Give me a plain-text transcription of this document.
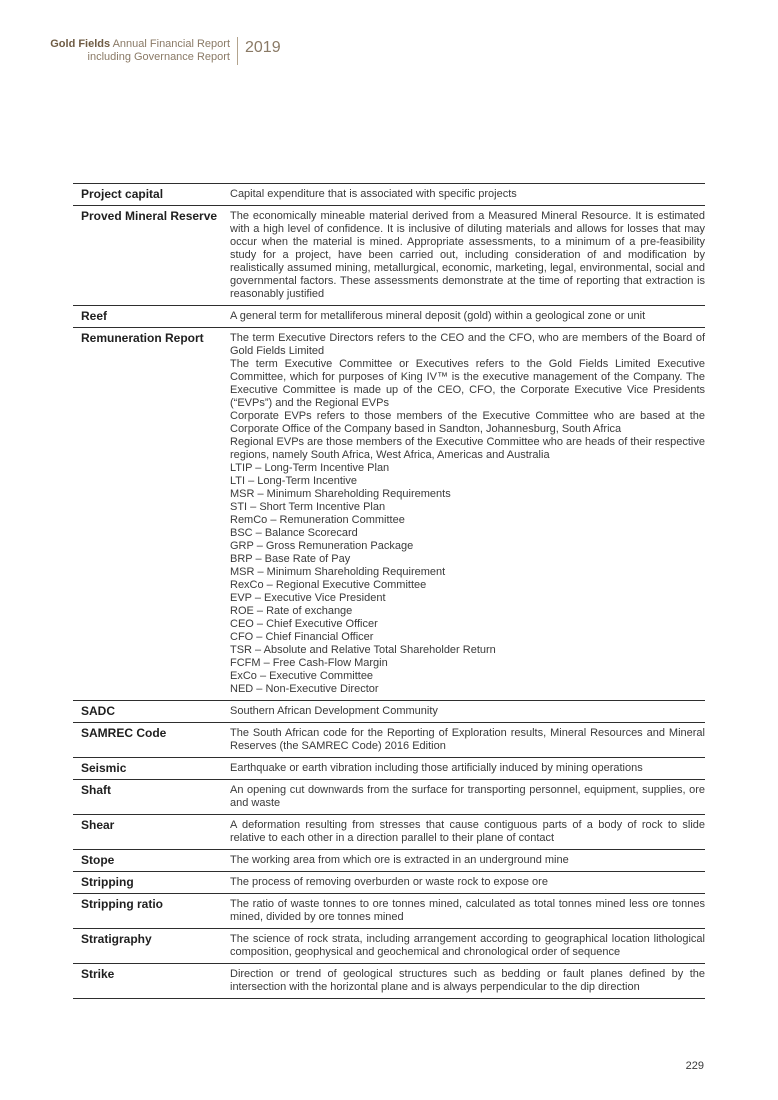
Gold Fields Annual Financial Report
including Governance Report
2019
Project capital	Capital expenditure that is associated with specific projects
Proved Mineral Reserve	The economically mineable material derived from a Measured Mineral Resource. It is estimated with a high level of confidence. It is inclusive of diluting materials and allows for losses that may occur when the material is mined. Appropriate assessments, to a minimum of a pre-feasibility study for a project, have been carried out, including consideration of and modification by realistically assumed mining, metallurgical, economic, marketing, legal, environmental, social and governmental factors. These assessments demonstrate at the time of reporting that extraction is reasonably justified
Reef	A general term for metalliferous mineral deposit (gold) within a geological zone or unit
Remuneration Report	The term Executive Directors refers to the CEO and the CFO, who are members of the Board of Gold Fields Limited
The term Executive Committee or Executives refers to the Gold Fields Limited Executive Committee, which for purposes of King IV™ is the executive management of the Company. The Executive Committee is made up of the CEO, CFO, the Corporate Executive Vice Presidents (“EVPs”) and the Regional EVPs
Corporate EVPs refers to those members of the Executive Committee who are based at the Corporate Office of the Company based in Sandton, Johannesburg, South Africa
Regional EVPs are those members of the Executive Committee who are heads of their respective regions, namely South Africa, West Africa, Americas and Australia
LTIP – Long-Term Incentive Plan
LTI – Long-Term Incentive
MSR – Minimum Shareholding Requirements
STI – Short Term Incentive Plan
RemCo – Remuneration Committee
BSC – Balance Scorecard
GRP – Gross Remuneration Package
BRP – Base Rate of Pay
MSR – Minimum Shareholding Requirement
RexCo – Regional Executive Committee
EVP – Executive Vice President
ROE – Rate of exchange
CEO – Chief Executive Officer
CFO – Chief Financial Officer
TSR – Absolute and Relative Total Shareholder Return
FCFM – Free Cash-Flow Margin
ExCo – Executive Committee
NED – Non-Executive Director
SADC	Southern African Development Community
SAMREC Code	The South African code for the Reporting of Exploration results, Mineral Resources and Mineral Reserves (the SAMREC Code) 2016 Edition
Seismic	Earthquake or earth vibration including those artificially induced by mining operations
Shaft	An opening cut downwards from the surface for transporting personnel, equipment, supplies, ore and waste
Shear	A deformation resulting from stresses that cause contiguous parts of a body of rock to slide relative to each other in a direction parallel to their plane of contact
Stope	The working area from which ore is extracted in an underground mine
Stripping	The process of removing overburden or waste rock to expose ore
Stripping ratio	The ratio of waste tonnes to ore tonnes mined, calculated as total tonnes mined less ore tonnes mined, divided by ore tonnes mined
Stratigraphy	The science of rock strata, including arrangement according to geographical location lithological composition, geophysical and geochemical and chronological order of sequence
Strike	Direction or trend of geological structures such as bedding or fault planes defined by the intersection with the horizontal plane and is always perpendicular to the dip direction
229
